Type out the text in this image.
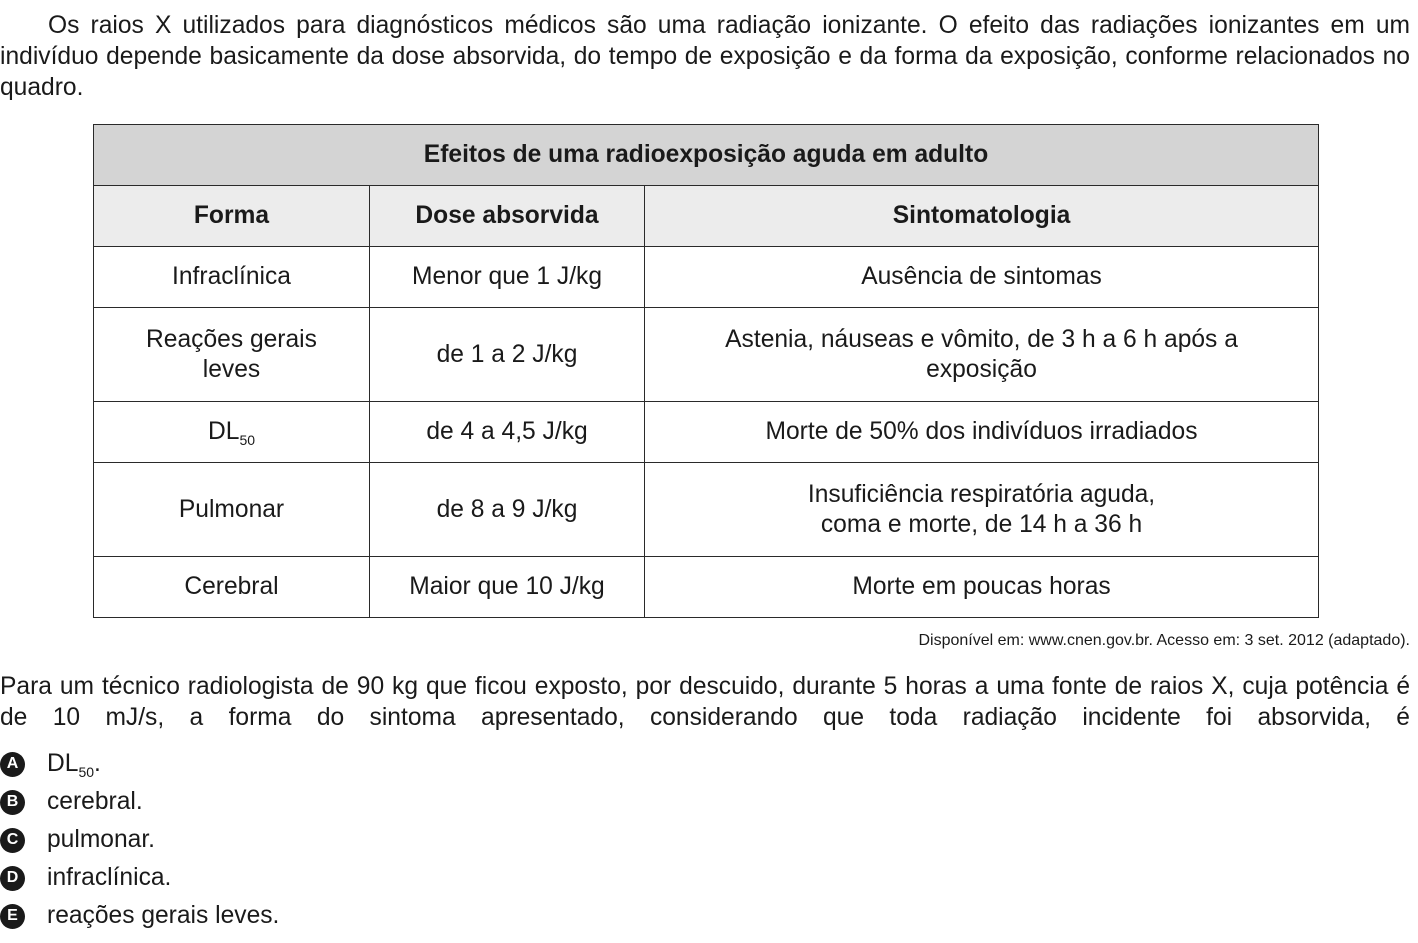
Os raios X utilizados para diagnósticos médicos são uma radiação ionizante. O efeito das radiações ionizantes em um indivíduo depende basicamente da dose absorvida, do tempo de exposição e da forma da exposição, conforme relacionados no quadro.

Efeitos de uma radioexposição aguda em adulto		
Forma	Dose absorvida	Sintomatologia
Infraclínica	Menor que 1 J/kg	Ausência de sintomas

Reações gerais leves	de 1 a 2 J/kg	Astenia, náuseas e vômito, de 3 h a 6 h após a exposição

$DL_{50}$	de 4 a 4,5 J/kg	Morte de 50% dos indivíduos irradiados
Pulmonar	de 8 a 9 J/kg	Insuficiência respiratória aguda,
coma e morte, de 14 h a 36 h

Cerebral	Maior que 10 J/kg	Morte em poucas horas

Disponível em: www.cnen.gov.br. Acesso em: 3 set. 2012 (adaptado).

Para um técnico radiologista de 90 kg que ficou exposto, por descuido, durante 5 horas a uma fonte de raios X, cuja potência é de 10 mJ/s, a forma do sintoma apresentado, considerando que toda radiação incidente foi absorvida, é

A $DL_{50}$.
B cerebral.
C pulmonar.
D infraclínica.
E reações gerais leves.
